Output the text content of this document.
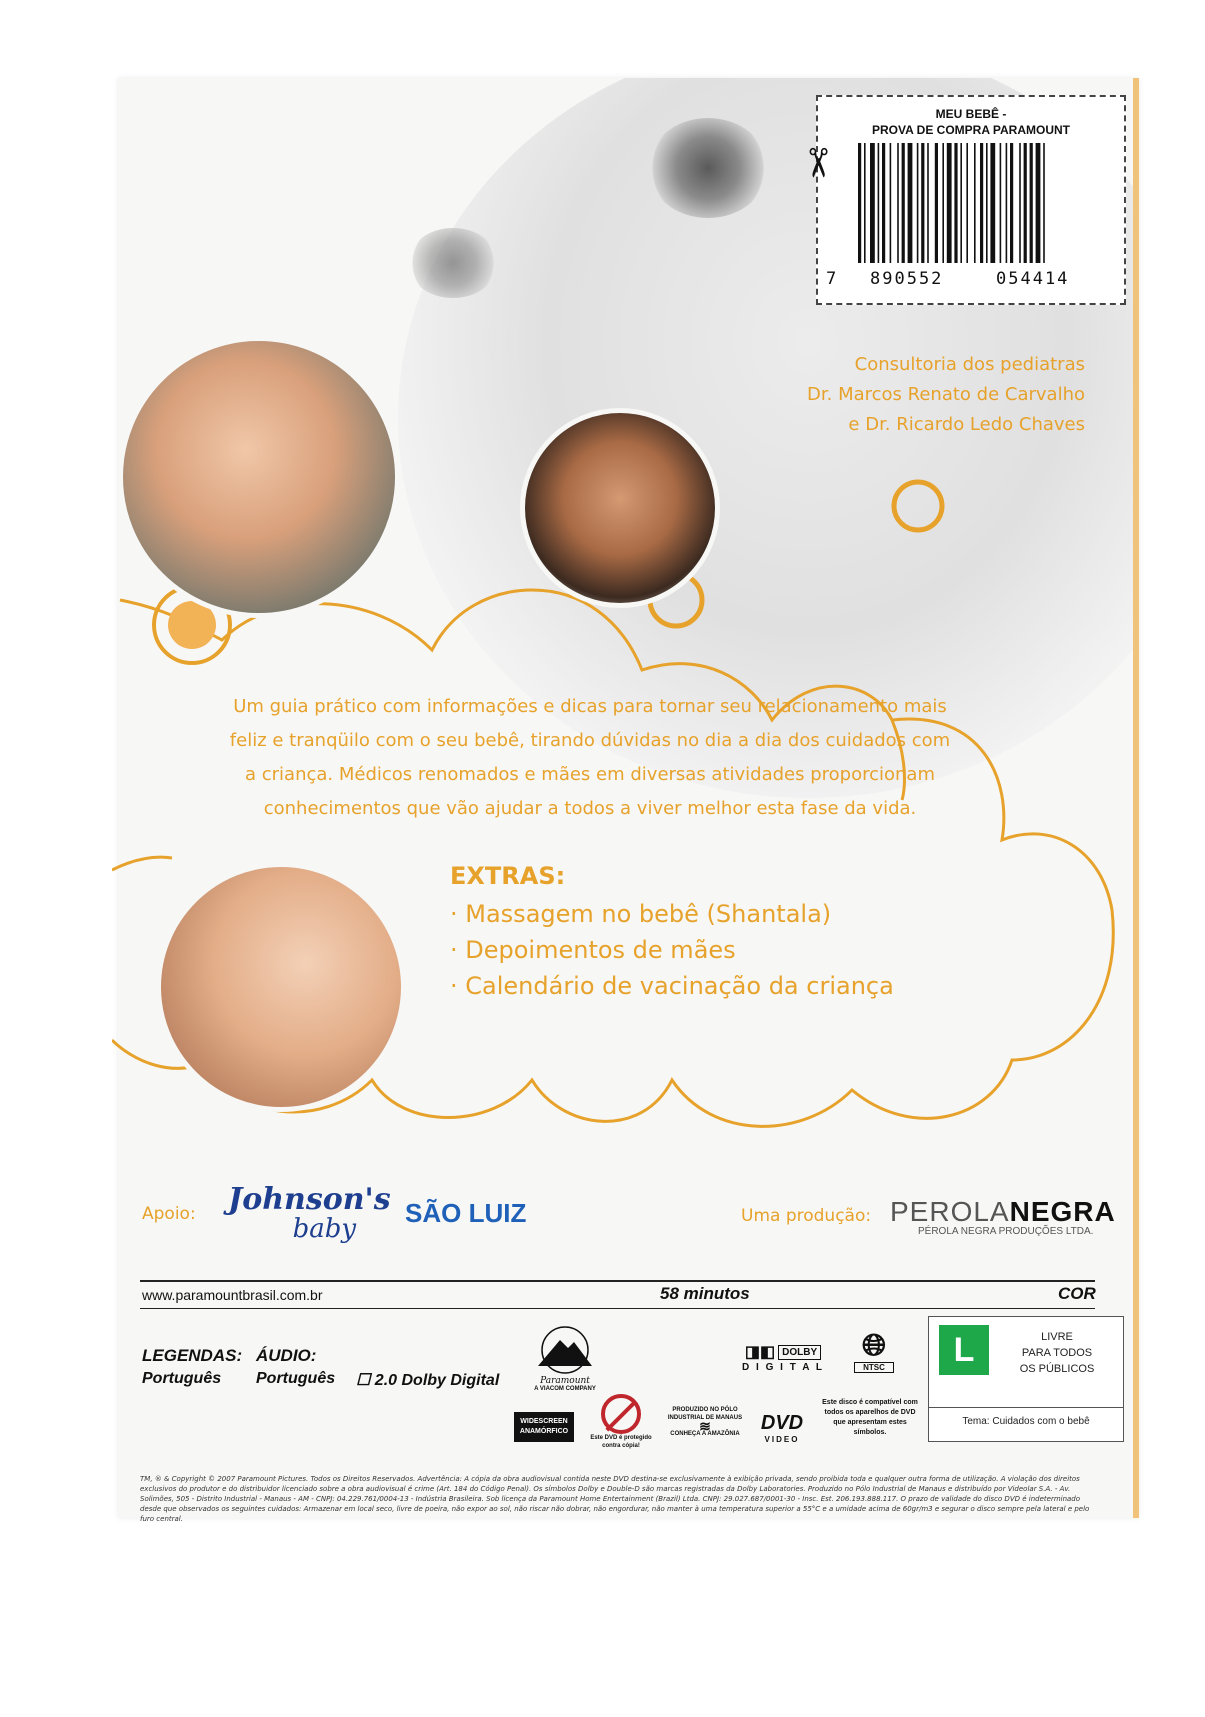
MEU BEBÊ -
PROVA DE COMPRA PARAMOUNT
7 890552	054414
✂
Consultoria dos pediatras
Dr. Marcos Renato de Carvalho
e Dr. Ricardo Ledo Chaves
Um guia prático com informações e dicas para tornar seu relacionamento mais
feliz e tranqüilo com o seu bebê, tirando dúvidas no dia a dia dos cuidados com
a criança. Médicos renomados e mães em diversas atividades proporcionam
conhecimentos que vão ajudar a todos a viver melhor esta fase da vida.
EXTRAS:
· Massagem no bebê (Shantala)
· Depoimentos de mães
· Calendário de vacinação da criança
Apoio: Johnson's
baby
SÃO LUIZ	Uma produção: PEROLANEGRA
PÉROLA NEGRA PRODUÇÕES LTDA.
www.paramountbrasil.com.br	58 minutos	COR
LEGENDAS:
Português
ÁUDIO:
Português ☐ 2.0 Dolby Digital	Paramount
A VIACOM COMPANY
◨◧ DOLBY
D I G I T A L
🌐︎
NTSC
WIDESCREEN ANAMÓRFICO
Este DVD é protegido contra cópia!
PRODUZIDO NO PÓLO INDUSTRIAL DE MANAUS
≋
CONHEÇA A AMAZÔNIA	DVD
VIDEO
Este disco é compatível com todos os aparelhos de DVD que apresentam estes símbolos.
L	LIVRE
PARA TODOS
OS PÚBLICOS
Tema: Cuidados com o bebê
TM, ® & Copyright © 2007 Paramount Pictures. Todos os Direitos Reservados. Advertência: A cópia da obra audiovisual contida neste DVD destina-se exclusivamente à exibição privada, sendo proibida toda e qualquer outra forma de utilização. A violação dos direitos exclusivos do produtor e do distribuidor licenciado sobre a obra audiovisual é crime (Art. 184 do Código Penal). Os símbolos Dolby e Double-D são marcas registradas da Dolby Laboratories. Produzido no Pólo Industrial de Manaus e distribuído por Videolar S.A. - Av. Solimões, 505 - Distrito Industrial - Manaus - AM - CNPJ: 04.229.761/0004-13 - Indústria Brasileira. Sob licença da Paramount Home Entertainment (Brazil) Ltda. CNPJ: 29.027.687/0001-30 - Insc. Est. 206.193.888.117. O prazo de validade do disco DVD é indeterminado desde que observados os seguintes cuidados: Armazenar em local seco, livre de poeira, não expor ao sol, não riscar não dobrar, não engordurar, não manter à uma temperatura superior a 55°C e a umidade acima de 60gr/m3 e segurar o disco sempre pela lateral e pelo furo central.
